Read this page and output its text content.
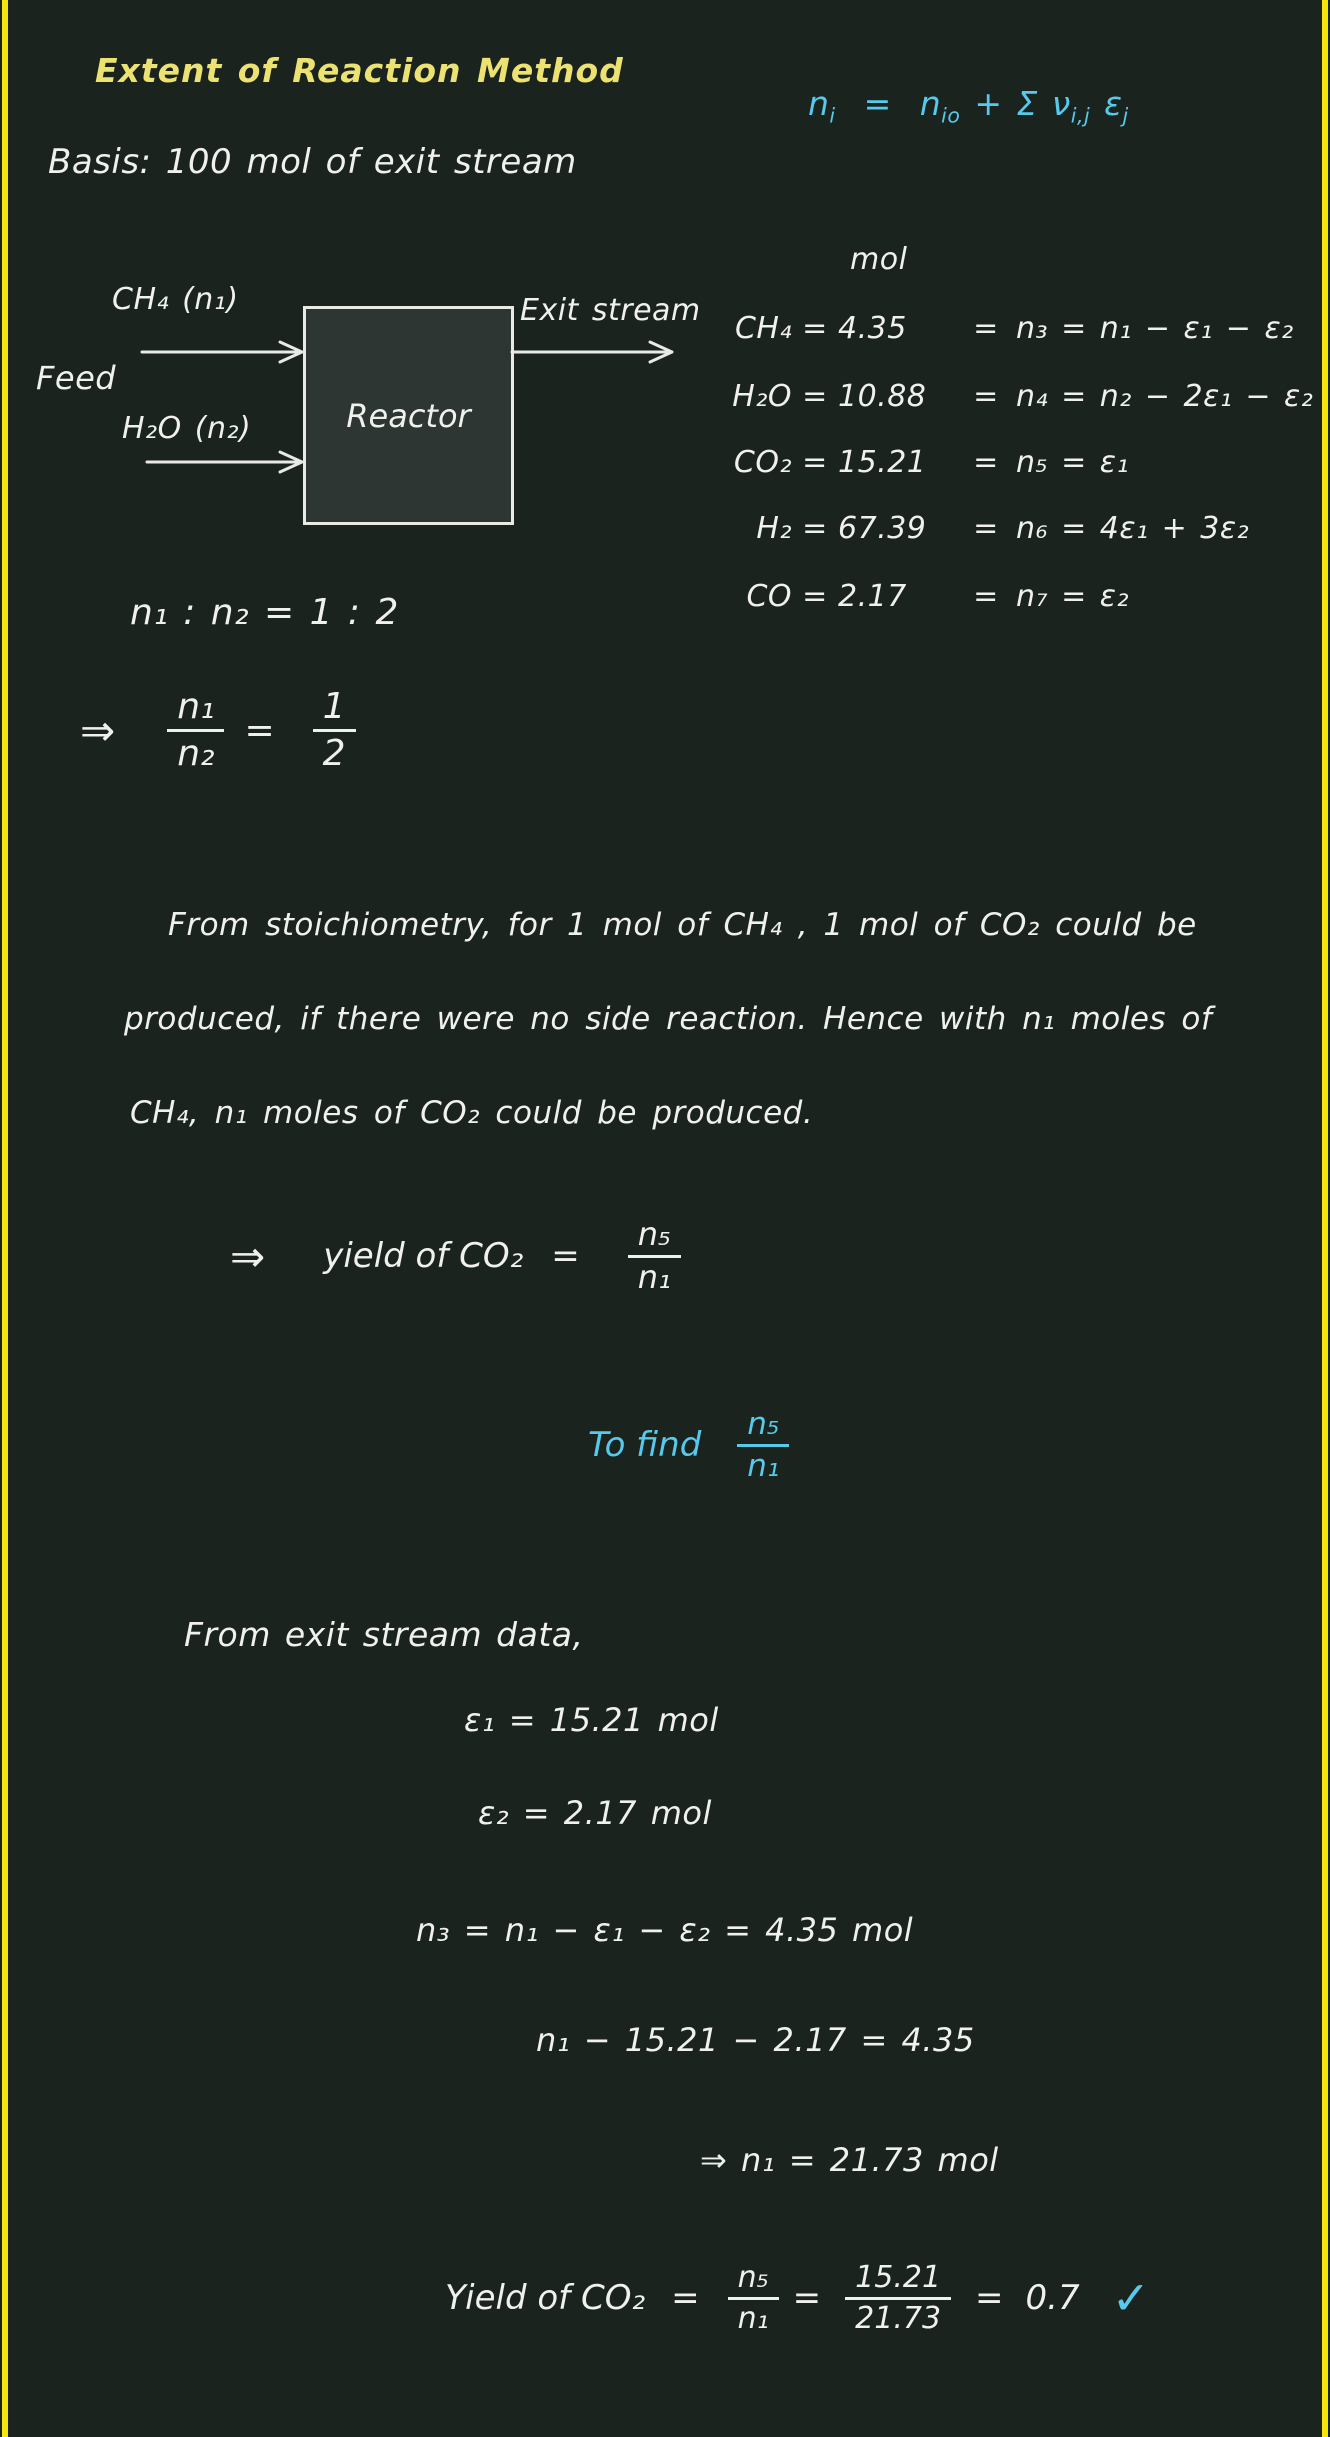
Extent of Reaction Method
$n_i = n_{io} + \Sigma$ $\nu_{i,j}$ $\varepsilon_j$
Basis: 100 mol of exit stream
Feed
CH₄ (n₁)
H₂O (n₂)	Reactor
Exit stream
mol
CH₄ = 4.35	= n₃ = n₁ − ε₁ − ε₂
H₂O = 10.88	= n₄ = n₂ − 2ε₁ − ε₂
CO₂ = 15.21	= n₅ = ε₁
H₂ = 67.39	= n₆ = 4ε₁ + 3ε₂
CO = 2.17	= n₇ = ε₂
n₁ : n₂ = 1 : 2
⇒ $\frac{\text{n₁}}{\text{n₂}} = \frac{1}{2}$
From stoichiometry, for 1 mol of CH₄ , 1 mol of CO₂ could be
produced, if there were no side reaction. Hence with n₁ moles of
CH₄, n₁ moles of CO₂ could be produced.
⇒ yield of $CO_2 = \frac{\text{n₅}}{\text{n₁}}$
To find $\frac{\text{n₅}}{\text{n₁}}$
From exit stream data,
ε₁ = 15.21 mol
ε₂ = 2.17 mol
n₃ = n₁ − ε₁ − ε₂ = 4.35 mol
n₁ − 15.21 − 2.17 = 4.35
⇒ n₁ = 21.73 mol
Yield of $CO_2 = \frac{\text{n₅}}{\text{n₁}} = \frac{15.21}{21.73} = 0.7$ ✓
